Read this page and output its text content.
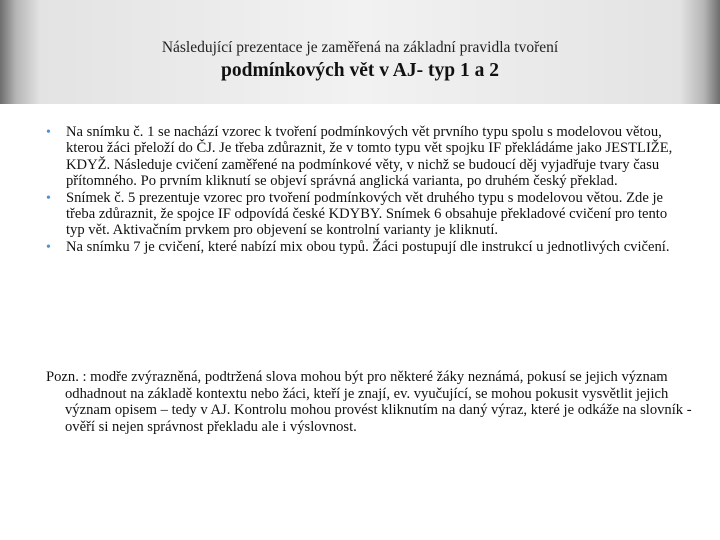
Následující prezentace je zaměřená na základní pravidla tvoření
podmínkových vět v AJ- typ 1 a 2
• Na snímku č. 1 se nachází vzorec k tvoření podmínkových vět prvního typu spolu s modelovou větou, kterou žáci přeloží do ČJ. Je třeba zdůraznit, že v tomto typu vět spojku IF překládáme jako JESTLIŽE, KDYŽ. Následuje cvičení zaměřené na podmínkové věty, v nichž se budoucí děj vyjadřuje tvary času přítomného. Po prvním kliknutí se objeví správná anglická varianta, po druhém český překlad.
• Snímek č. 5 prezentuje vzorec pro tvoření podmínkových vět druhého typu s modelovou větou. Zde je třeba zdůraznit, že spojce IF odpovídá české KDYBY. Snímek 6 obsahuje překladové cvičení pro tento typ vět. Aktivačním prvkem pro objevení se kontrolní varianty je kliknutí.
• Na snímku 7 je cvičení, které nabízí mix obou typů. Žáci postupují dle instrukcí u jednotlivých cvičení.
Pozn. : modře zvýrazněná, podtržená slova mohou být pro některé žáky neznámá, pokusí se jejich význam odhadnout na základě kontextu nebo žáci, kteří je znají, ev. vyučující, se mohou pokusit vysvětlit jejich význam opisem – tedy v AJ. Kontrolu mohou provést kliknutím na daný výraz, které je odkáže na slovník - ověří si nejen správnost překladu ale i výslovnost.
